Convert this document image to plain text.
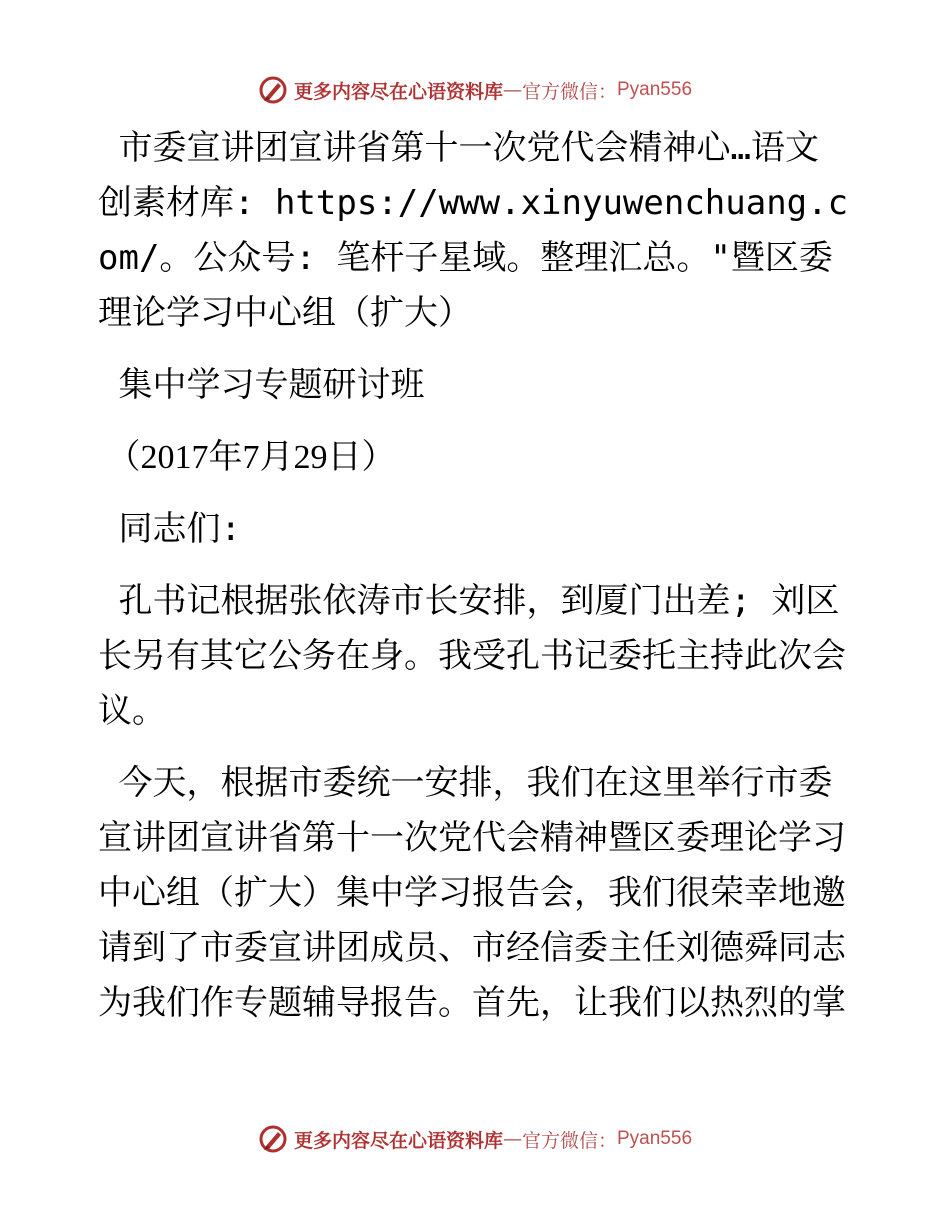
更多内容尽在心语资料库 — 官方微信： Pyan556

市委宣讲团宣讲省第十一次党代会精神心…语文创素材库: https://www.xinyuwenchuang.com/。公众号: 笔杆子星域。整理汇总。"暨区委理论学习中心组（扩大）

集中学习专题研讨班

（2017年7月29日）

同志们:

孔书记根据张依涛市长安排，到厦门出差; 刘区长另有其它公务在身。我受孔书记委托主持此次会议。

今天，根据市委统一安排，我们在这里举行市委宣讲团宣讲省第十一次党代会精神暨区委理论学习中心组（扩大）集中学习报告会，我们很荣幸地邀请到了市委宣讲团成员、市经信委主任刘德舜同志为我们作专题辅导报告。首先，让我们以热烈的掌

更多内容尽在心语资料库 — 官方微信： Pyan556
